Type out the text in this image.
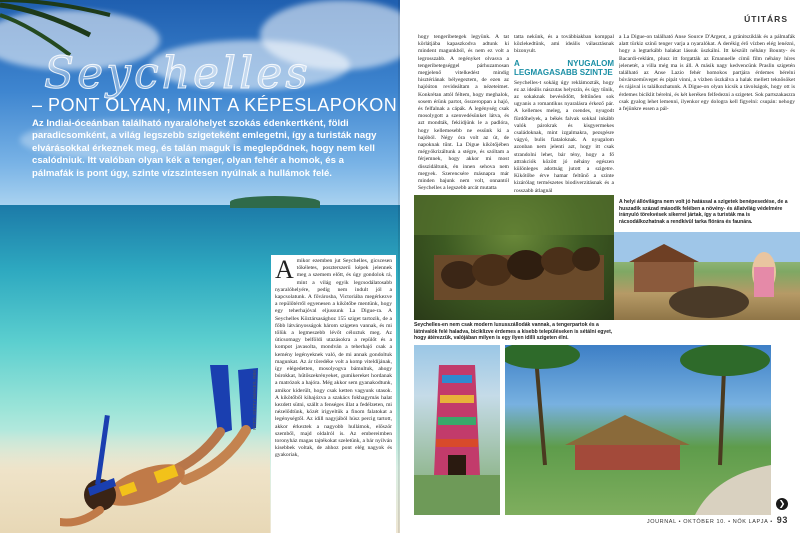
Seychelles
– PONT OLYAN, MINT A KÉPESLAPOKON
Az Indiai-óceánban található nyaralóhelyet szokás édenkertként, földi paradicsomként, a világ legszebb szigeteként emlegetni, így a turisták nagy elvárásokkal érkeznek meg, és talán maguk is meglepődnek, hogy nem kell csalódniuk. Itt valóban olyan kék a tenger, olyan fehér a homok, és a pálmafák is pont úgy, szinte vízszintesen nyúlnak a hullámok felé.
FOTÓ: GETTY IMAGES, RBK

Amikor ezemben jut Seychelles, gicscesen tökéletes, poszterszerű képek jelennek meg a szemem előtt, és úgy gondolok rá, mint a világ egyik legcsodálatosabb nyaralóhelyére, pedig nem indult jól a kapcsolatunk. A fővárosba, Victoriába megérkezve a repülőtérről egyenesen a kikötőbe mentünk, hogy egy teherhajóval eljussunk La Digue-ra. A Seychelles Köztársasághoz 155 sziget tartozik, de a főbb látványosságok három szigeten vannak, és mi tőlük a legmeszebb lévőt céloztuk meg. Az úticsomagy belföldi utazásokra a repülőt és a kompot javasolta, mondván a teherhajó csak a kemény legényeknek való, de mi annak gondoltuk magunkat. Az ár töredéke volt a komp viteldíjának, így elégedetten, mosolyogva bámultuk, ahogy búrokkat, hűtőszekrényeket, gumikereket hordanak a matrózok a hajóra. Még akkor sem gyanakodtunk, amikor kiderült, hogy csak ketten vagyunk utasok. A kikötőből kihajózva a szakács fokhagymás halat kezdett sütni, szállt a fenséges illat a fedélzeten, mi nézelődtünk, közét irigyeltük a finom falatokat a legénységtől. Az idill nagyjából húsz percig tartott, akkor érkeztek a nagyobb hullámok, először szemből, majd oldalról is. Az embereimben toronyház magas tajtékokat szeletünk, a bár nyilván kisebbek voltak, de ahhoz pont elég nagyok és gyakoriak,

ÚTITÁRS
hogy tengeribetegek legyünk. A tat körlátjába kapaszkodva adtunk ki mindent magunkból, és nem ez volt a legrosszabb. A regényket olvasva a tengeribetegséggel párhuzamosan megjelenő vitelkedést mindig hisztériának bélyegeztem, de ezen az hajóúton revideáltam a nézeteimet. Konkrétan attól féltem, hogy meghalok, sosem érünk partot, összeroppan a hajó, és felfalnak a cápák. A legénység csak mosolygott a szenvedésünket látva, és azt mondták, fekiidjünk le a padlóra, hogy kellemesebb ne essünk ki a hajóból. Négy óra volt az út, de napoknak tűnt. La Digue kikötőjében mégyökrizáltunk a stégre, és szóltam a férjemnek, hogy akkor mi most disszidáltunk, én innen sehova nem megyek. Szerencsére másnapra már minden bajunk nem volt, onnantól Seychelles a legszebb arcát mutatta
tatta nekünk, és a továbbiakban komppal közlekedtünk, ami ideális választásnak bizonyult.
A NYUGALOM LEGMAGASABB SZINTJE
Seychelles-t sokáig úgy reklámozták, hogy ez az ideális nászutas helyszín, és úgy tűnik, az sokaknak bevésődött, feltűnően sok ugyanis a romantikus nyaralásra érkező pár. A kellemes meleg, a csendes, nyugodt fürdőhelyek, a békés falvak sokkal inkább valók párokrak és kisgyermekes családoknak, mint izgalmakra, pezsgésre vágyó, bulis fiataloknak. A nyugalom azonban nem jelenti azt, hogy itt csak strandolni lehet, bár tény, hogy a fő attrakciók között jó néhány egészen különleges adottság jutott a szigetre. Kikötőbe érve hamar feltűnő a szinte kizárólag természetes biodiverzitásnak és a rosszabb átlagnál
a La Digue-on található Anse Source D'Argent, a gránitsziklák és a pálmafák alatt türkiz színű tenger varja a nyaralókat. A derékig érő vízben elég lenézni, hogy a legtarkább halakat lássuk üszkálni. Itt készült néhány Bounty- és Bacardi-reklám, plusz itt forgatták az Emanuelle című film néhány híres jelenetét, a villa még ma is áll. A másik nagy kedvencünk Praslin szigetén található az Anse Lazio fehér homokos partjára érdemes bérelni búvárszemüveget és pipát vinni, a vízben üszkálva a halak mellett teknősöket és rájával is találkozhatunk. A Digue-on olyan kicsik a távolságok, hogy ott is érdemes biciklit bérelni, és két keréken felfedezni a szigetet. Sok partszakaszra csak gyalog lehet lemenni, ilyenkor egy dologra kell figyelni: csupán: nehogy a fejünkre essen a pál-
A helyi állóvilágra nem volt jó hatással a szigetek benépesedése, de a huszadik század második felében a növény- és állatvilág védelmére irányuló törekvések sikerrel jártak, így a turisták ma is rácsodálkozhatnak a rendkívül tarka flórára és faunára.
Seychelles-en nem csak modern luxusszállodák vannak, a tengerpartok és a látnivalók felé haladva, biciklizve érdemes a kisebb településeken is sétálni egyet, hogy átérezzük, valójában milyen is egy ilyen idilli szigeten élni.
JOURNAL • OKTÓBER 10. • NŐK LAPJA • 93
❯
